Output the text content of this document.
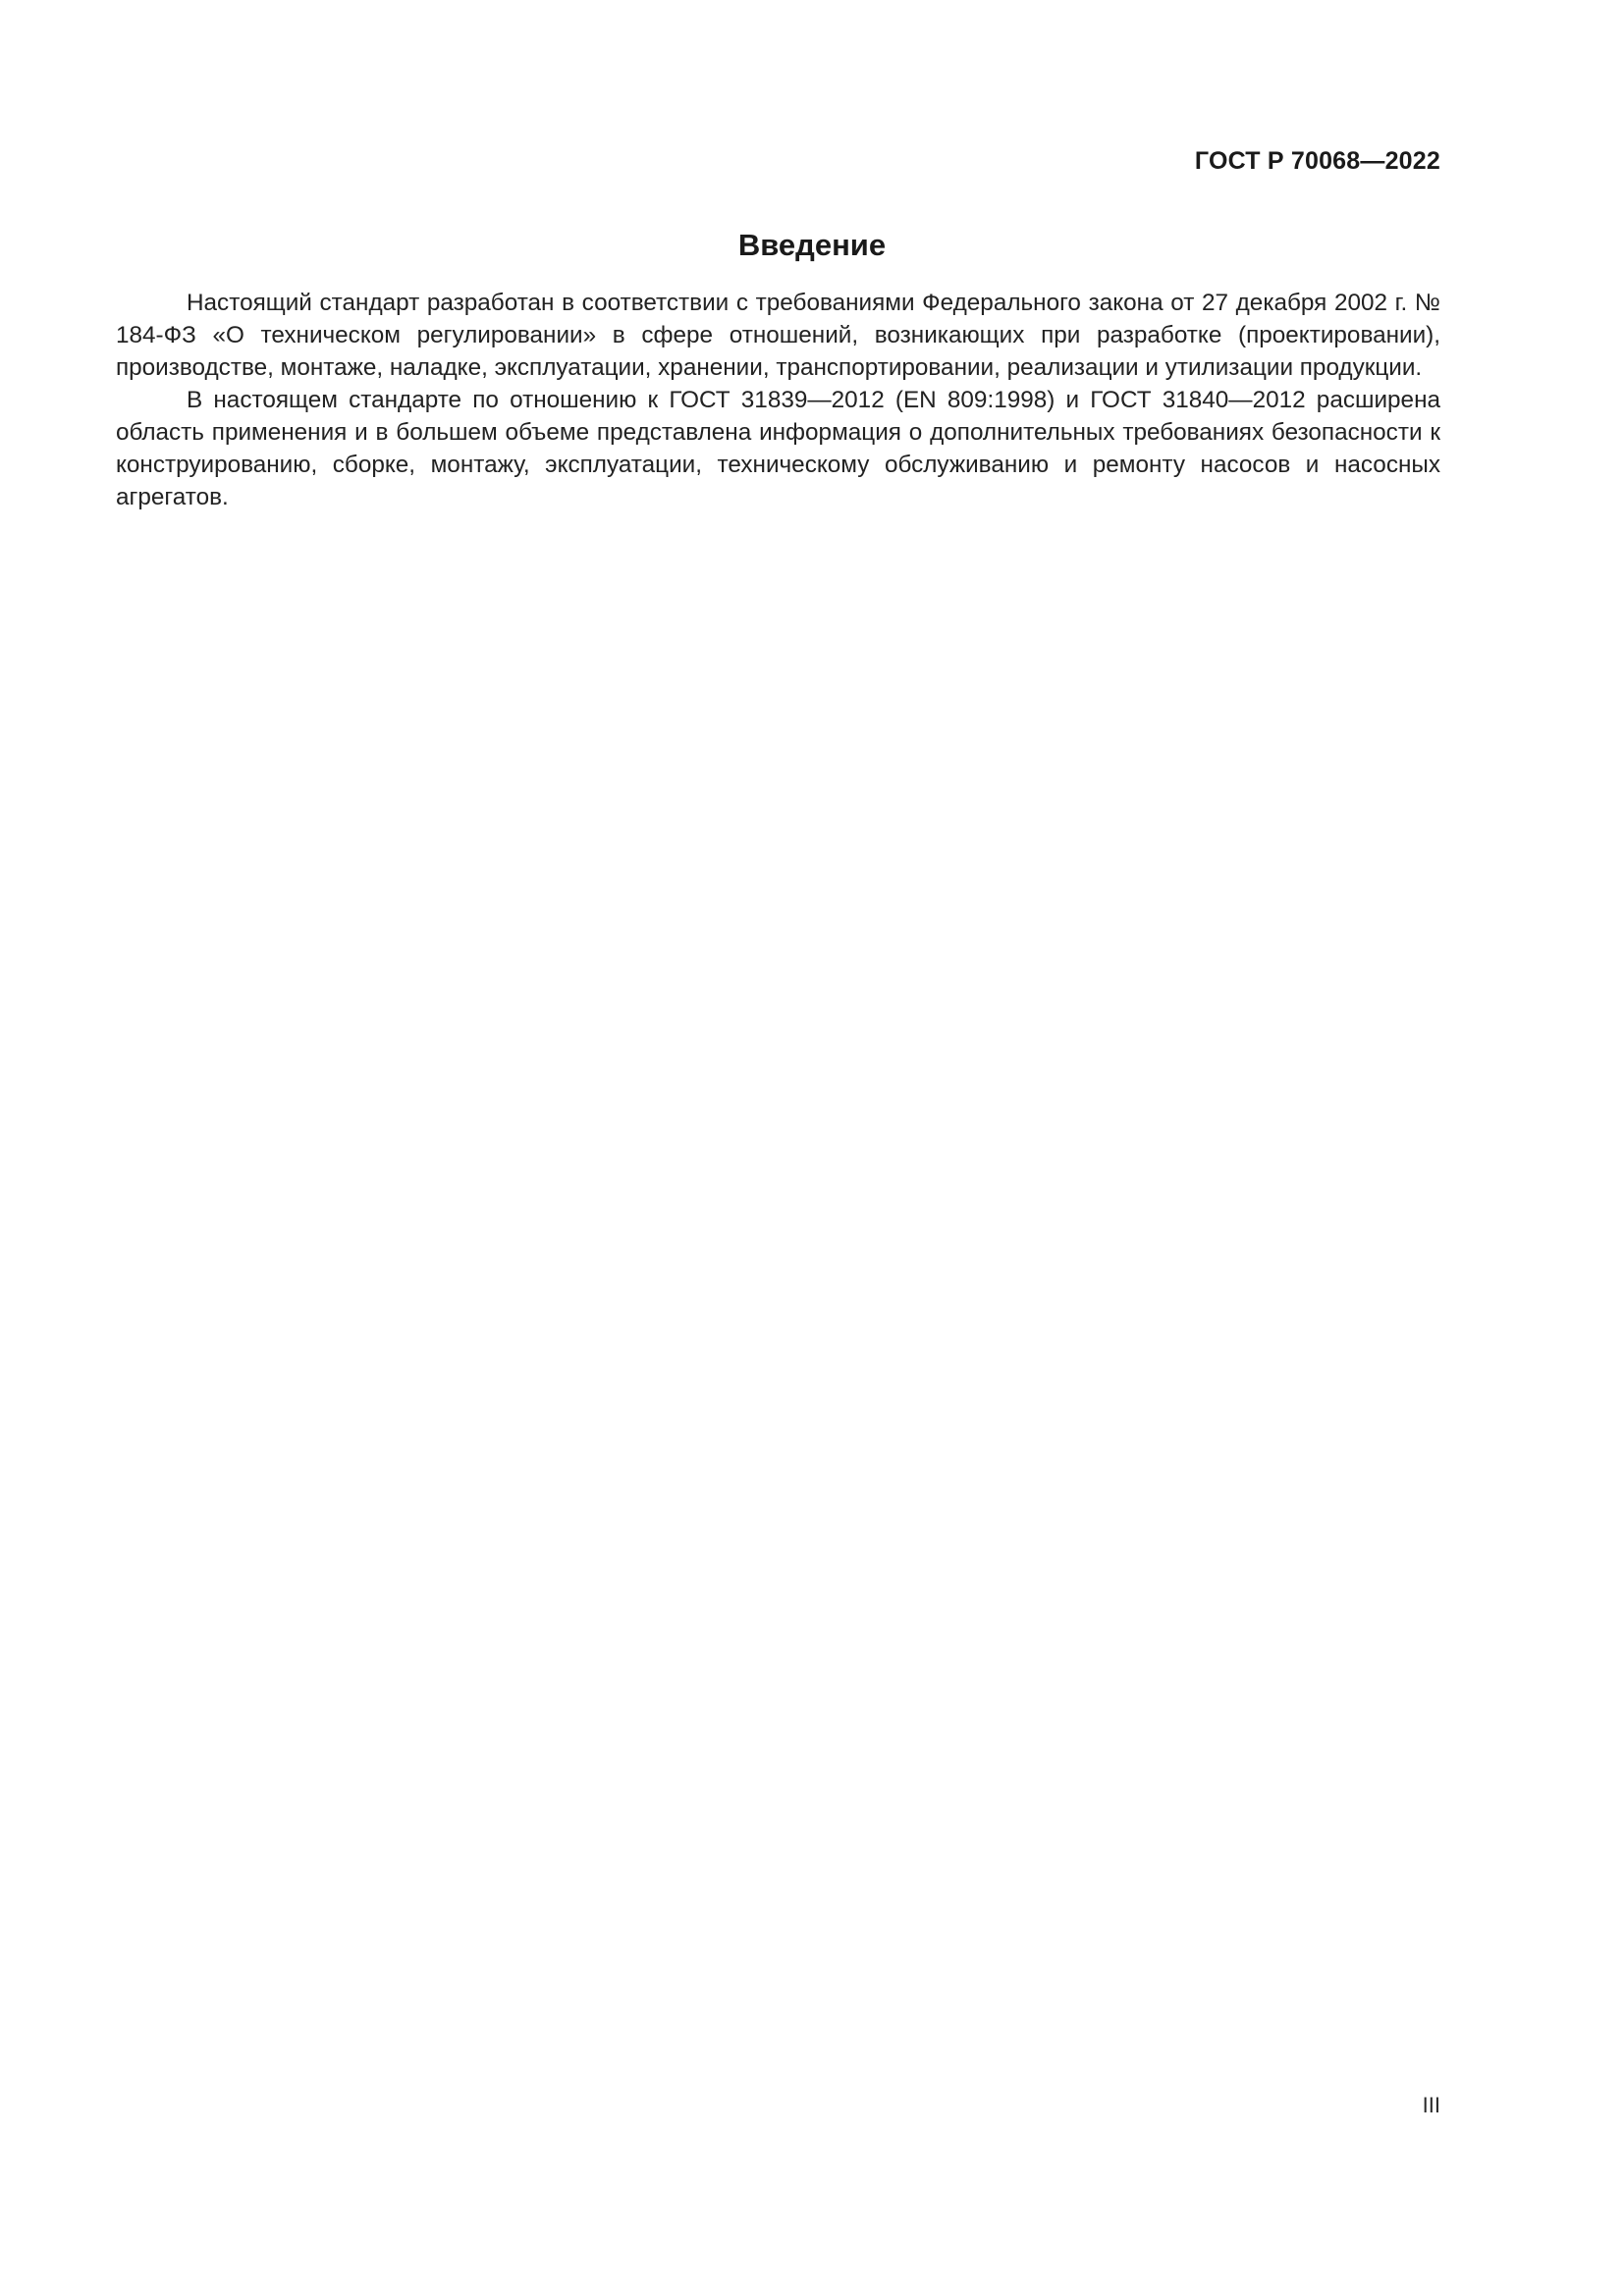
ГОСТ Р 70068—2022
Введение

Настоящий стандарт разработан в соответствии с требованиями Федерального закона от 27 декабря 2002 г. № 184-ФЗ «О техническом регулировании» в сфере отношений, возникающих при разработке (проектировании), производстве, монтаже, наладке, эксплуатации, хранении, транспортировании, реализации и утилизации продукции.

В настоящем стандарте по отношению к ГОСТ 31839—2012 (EN 809:1998) и ГОСТ 31840—2012 расширена область применения и в большем объеме представлена информация о дополнительных требованиях безопасности к конструированию, сборке, монтажу, эксплуатации, техническому обслуживанию и ремонту насосов и насосных агрегатов.

III
